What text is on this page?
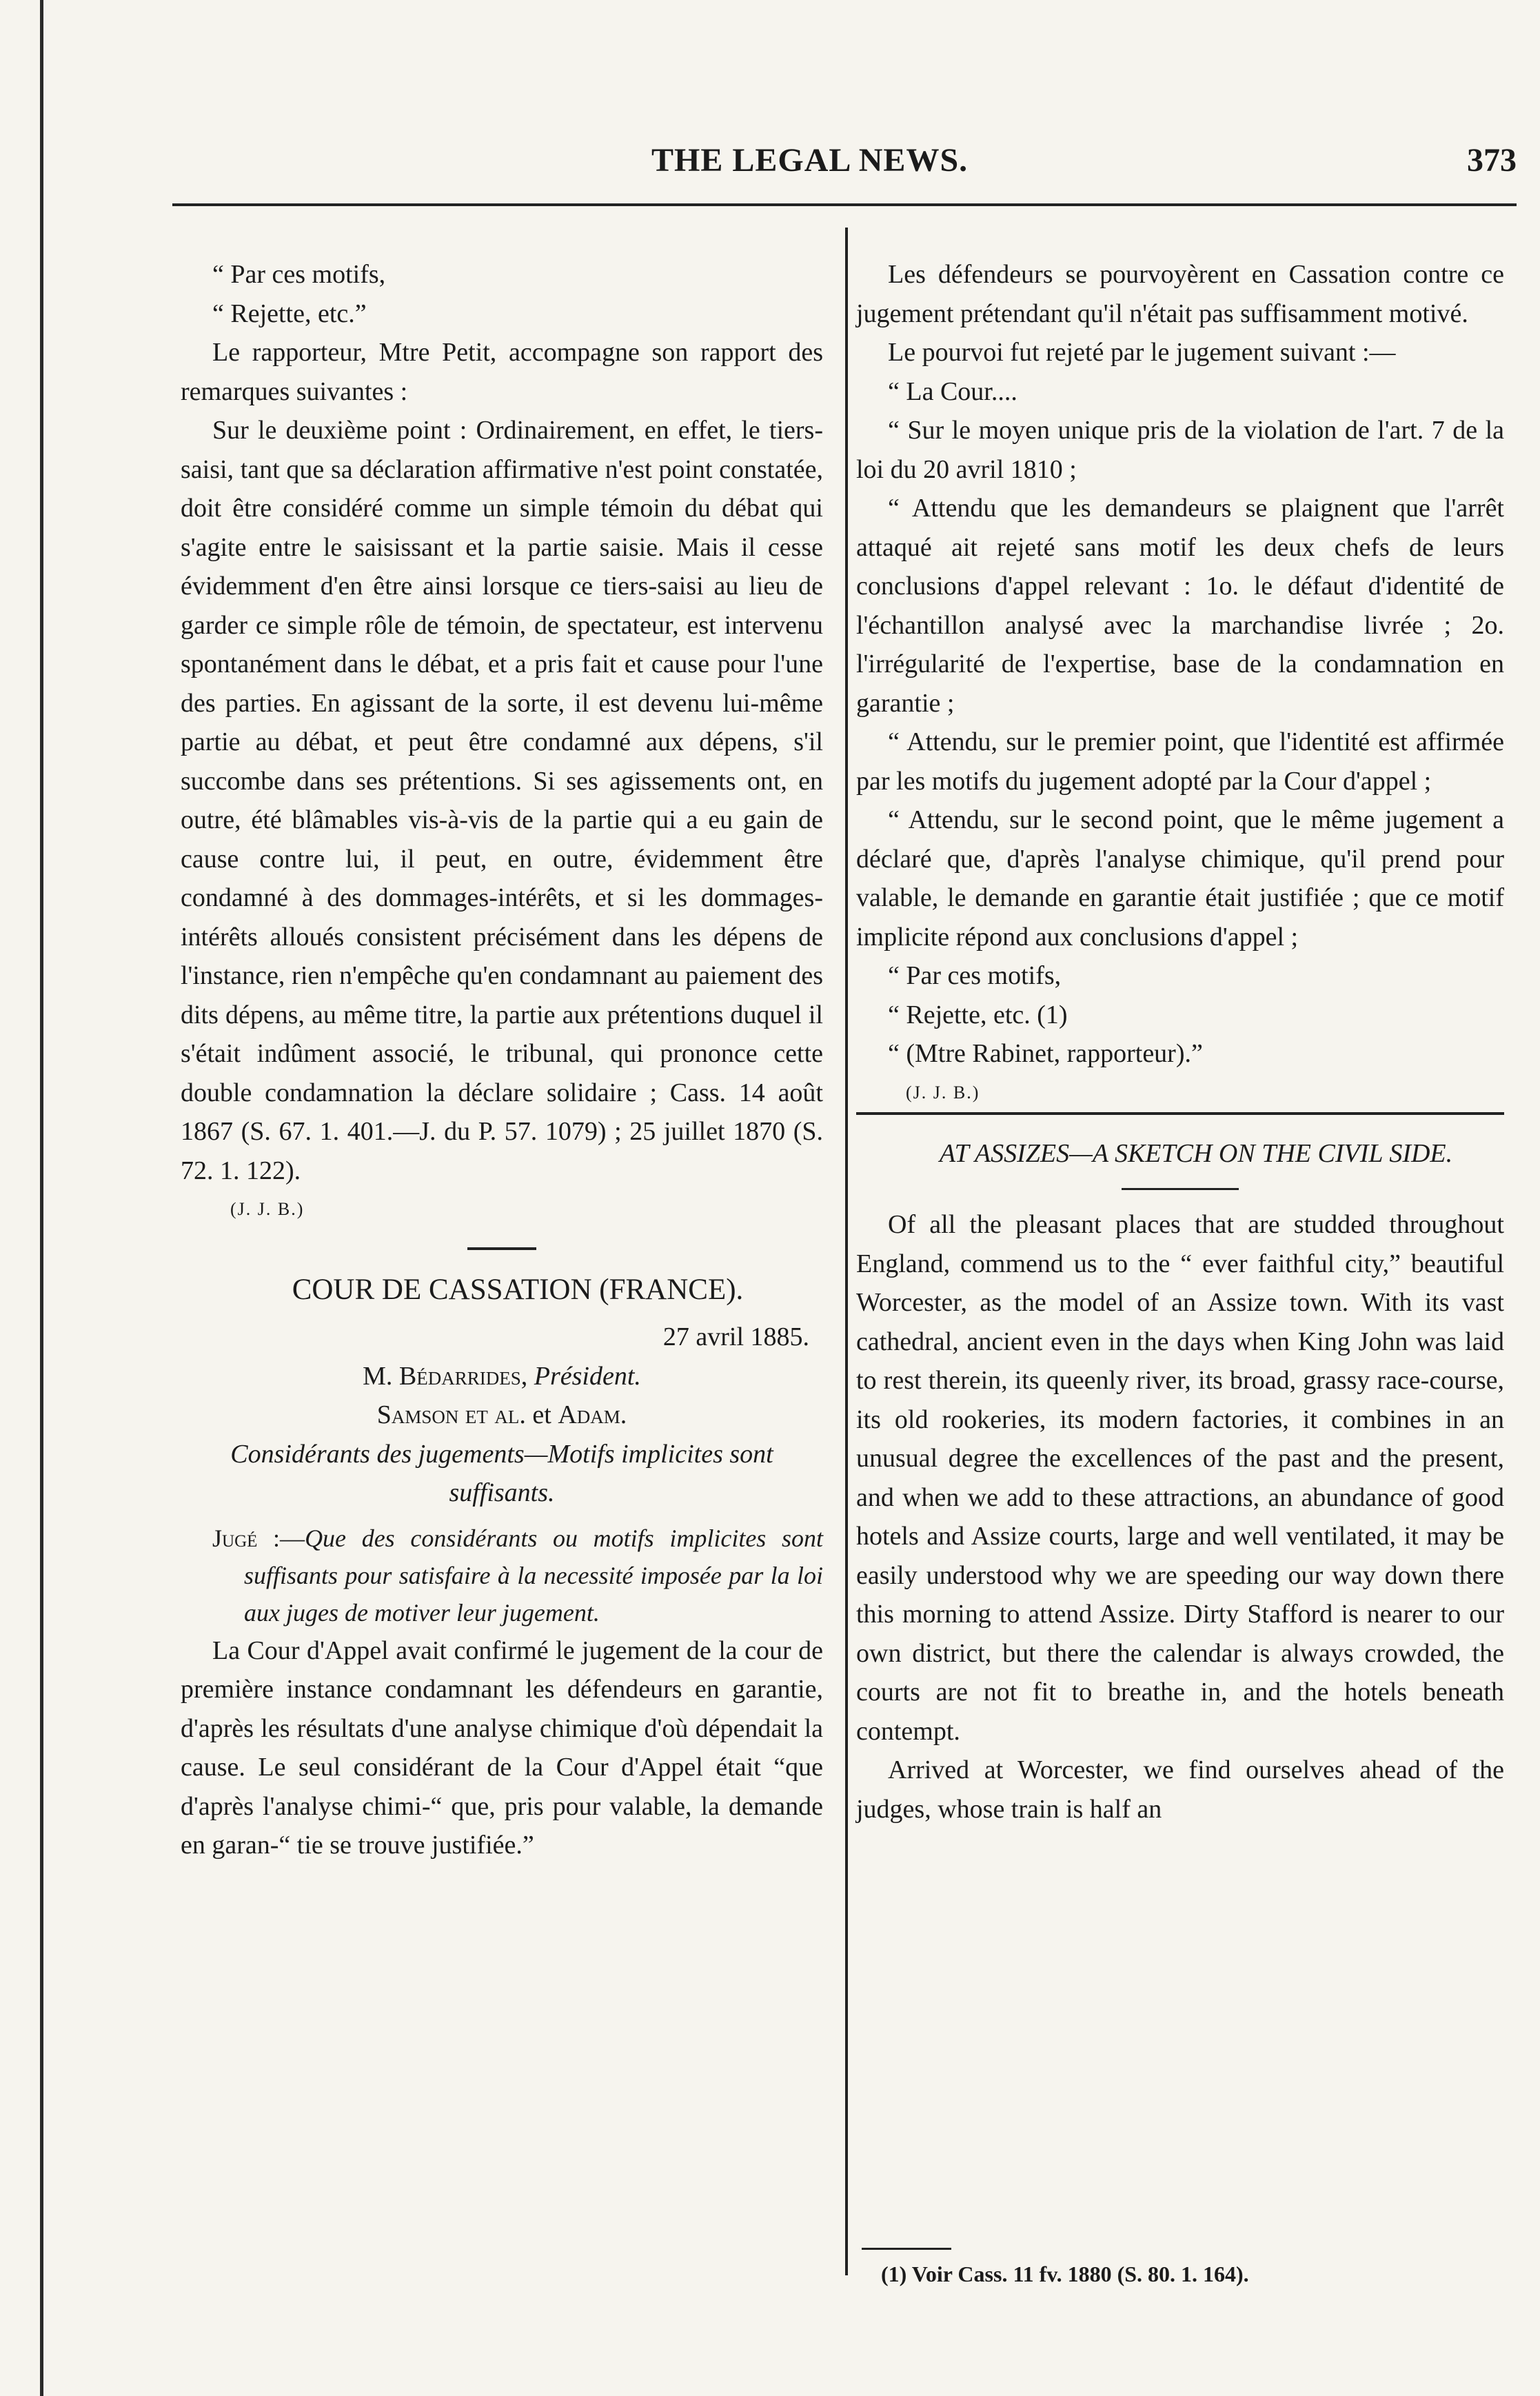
THE LEGAL NEWS.	373

“ Par ces motifs,

“ Rejette, etc.”

Le rapporteur, Mtre Petit, accompagne son rapport des remarques suivantes :

Sur le deuxième point : Ordinairement, en effet, le tiers-saisi, tant que sa déclaration affirmative n'est point constatée, doit être considéré comme un simple témoin du débat qui s'agite entre le saisissant et la partie saisie. Mais il cesse évidemment d'en être ainsi lorsque ce tiers-saisi au lieu de garder ce simple rôle de témoin, de spectateur, est intervenu spontanément dans le débat, et a pris fait et cause pour l'une des parties. En agissant de la sorte, il est devenu lui-même partie au débat, et peut être condamné aux dépens, s'il succombe dans ses prétentions. Si ses agissements ont, en outre, été blâmables vis-à-vis de la partie qui a eu gain de cause contre lui, il peut, en outre, évidemment être condamné à des dommages-intérêts, et si les dommages-intérêts alloués consistent précisément dans les dépens de l'instance, rien n'empêche qu'en condamnant au paiement des dits dépens, au même titre, la partie aux prétentions duquel il s'était indûment associé, le tribunal, qui prononce cette double condamnation la déclare solidaire ; Cass. 14 août 1867 (S. 67. 1. 401.—J. du P. 57. 1079) ; 25 juillet 1870 (S. 72. 1. 122).

(J. J. B.)

COUR DE CASSATION (FRANCE).

27 avril 1885.

M. Bédarrides, Président.

Samson et al. et Adam.

Considérants des jugements—Motifs implicites sont suffisants.

Jugé :—Que des considérants ou motifs implicites sont suffisants pour satisfaire à la necessité imposée par la loi aux juges de motiver leur jugement.

La Cour d'Appel avait confirmé le jugement de la cour de première instance condamnant les défendeurs en garantie, d'après les résultats d'une analyse chimique d'où dépendait la cause. Le seul considérant de la Cour d'Appel était “que d'après l'analyse chimi-“ que, pris pour valable, la demande en garan-“ tie se trouve justifiée.”

Les défendeurs se pourvoyèrent en Cassation contre ce jugement prétendant qu'il n'était pas suffisamment motivé.

Le pourvoi fut rejeté par le jugement suivant :—

“ La Cour....

“ Sur le moyen unique pris de la violation de l'art. 7 de la loi du 20 avril 1810 ;

“ Attendu que les demandeurs se plaignent que l'arrêt attaqué ait rejeté sans motif les deux chefs de leurs conclusions d'appel relevant : 1o. le défaut d'identité de l'échantillon analysé avec la marchandise livrée ; 2o. l'irrégularité de l'expertise, base de la condamnation en garantie ;

“ Attendu, sur le premier point, que l'identité est affirmée par les motifs du jugement adopté par la Cour d'appel ;

“ Attendu, sur le second point, que le même jugement a déclaré que, d'après l'analyse chimique, qu'il prend pour valable, le demande en garantie était justifiée ; que ce motif implicite répond aux conclusions d'appel ;

“ Par ces motifs,

“ Rejette, etc. (1)

“ (Mtre Rabinet, rapporteur).”

(J. J. B.)

AT ASSIZES—A SKETCH ON THE CIVIL SIDE.

Of all the pleasant places that are studded throughout England, commend us to the “ ever faithful city,” beautiful Worcester, as the model of an Assize town. With its vast cathedral, ancient even in the days when King John was laid to rest therein, its queenly river, its broad, grassy race-course, its old rookeries, its modern factories, it combines in an unusual degree the excellences of the past and the present, and when we add to these attractions, an abundance of good hotels and Assize courts, large and well ventilated, it may be easily understood why we are speeding our way down there this morning to attend Assize. Dirty Stafford is nearer to our own district, but there the calendar is always crowded, the courts are not fit to breathe in, and the hotels beneath contempt.

Arrived at Worcester, we find ourselves ahead of the judges, whose train is half an

(1) Voir Cass. 11 fv. 1880 (S. 80. 1. 164).
